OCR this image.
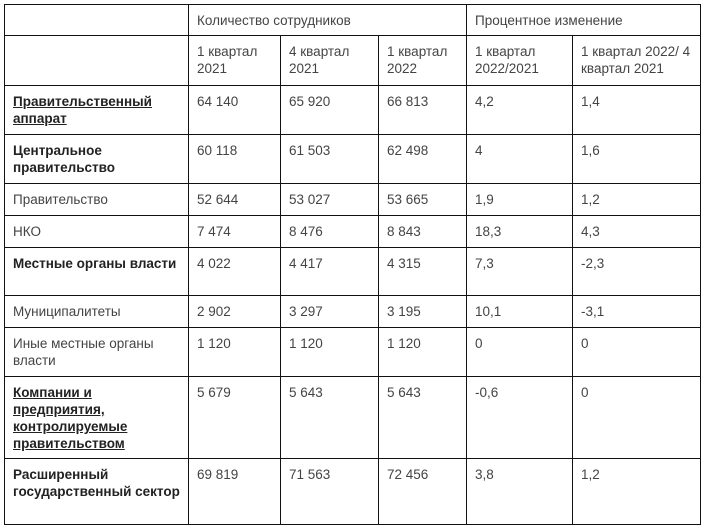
	Количество сотрудников			Процентное изменение	
	1 квартал 2021	4 квартал 2021	1 квартал 2022	1 квартал 2022/2021	1 квартал 2022/ 4 квартал 2021
Правительственный аппарат	64 140	65 920	66 813	4,2	1,4
Центральное правительство	60 118	61 503	62 498	4	1,6
Правительство	52 644	53 027	53 665	1,9	1,2
НКО	7 474	8 476	8 843	18,3	4,3
Местные органы власти	4 022	4 417	4 315	7,3	-2,3
Муниципалитеты	2 902	3 297	3 195	10,1	-3,1
Иные местные органы власти	1 120	1 120	1 120	0	0
Компании и предприятия, контролируемые правительством	5 679	5 643	5 643	-0,6	0
Расширенный государственный сектор	69 819	71 563	72 456	3,8	1,2
